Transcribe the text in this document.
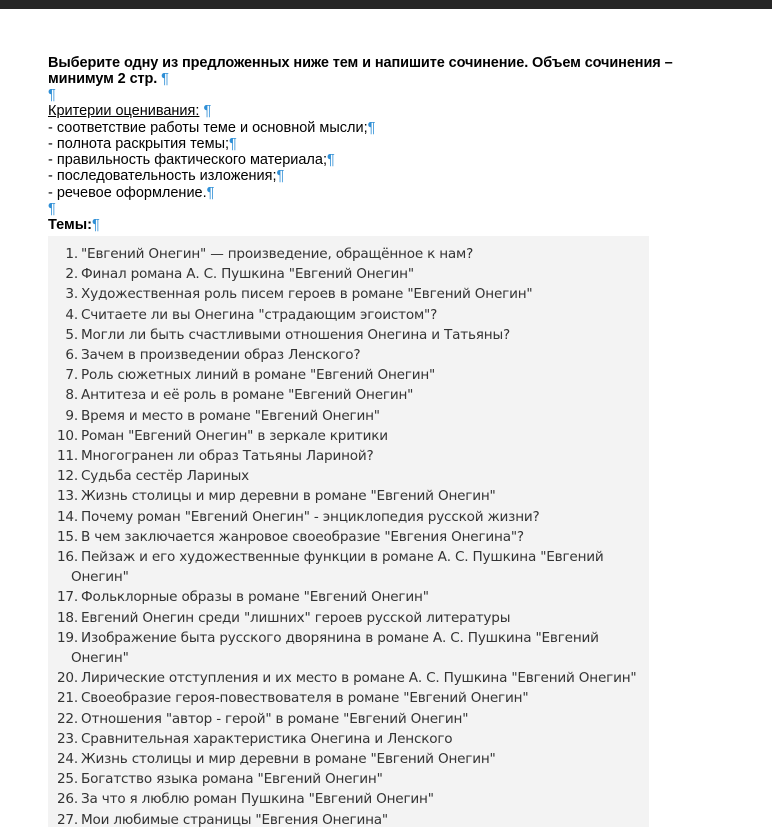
Выберите одну из предложенных ниже тем и напишите сочинение. Объем сочинения –
минимум 2 стр. ¶
¶
Критерии оценивания: ¶
- соответствие работы теме и основной мысли;¶
- полнота раскрытия темы;¶
- правильность фактического материала;¶
- последовательность изложения;¶
- речевое оформление.¶
¶
Темы:¶
1. "Евгений Онегин" — произведение, обращённое к нам?
2. Финал романа А. С. Пушкина "Евгений Онегин"
3. Художественная роль писем героев в романе "Евгений Онегин"
4. Считаете ли вы Онегина "страдающим эгоистом"?
5. Могли ли быть счастливыми отношения Онегина и Татьяны?
6. Зачем в произведении образ Ленского?
7. Роль сюжетных линий в романе "Евгений Онегин"
8. Антитеза и её роль в романе "Евгений Онегин"
9. Время и место в романе "Евгений Онегин"
10. Роман "Евгений Онегин" в зеркале критики
11. Многогранен ли образ Татьяны Лариной?
12. Судьба сестёр Лариных
13. Жизнь столицы и мир деревни в романе "Евгений Онегин"
14. Почему роман "Евгений Онегин" - энциклопедия русской жизни?
15. В чем заключается жанровое своеобразие "Евгения Онегина"?
16. Пейзаж и его художественные функции в романе А. С. Пушкина "Евгений
Онегин"
17. Фольклорные образы в романе "Евгений Онегин"
18. Евгений Онегин среди "лишних" героев русской литературы
19. Изображение быта русского дворянина в романе А. С. Пушкина "Евгений
Онегин"
20. Лирические отступления и их место в романе А. С. Пушкина "Евгений Онегин"
21. Своеобразие героя-повествователя в романе "Евгений Онегин"
22. Отношения "автор - герой" в романе "Евгений Онегин"
23. Сравнительная характеристика Онегина и Ленского
24. Жизнь столицы и мир деревни в романе "Евгений Онегин"
25. Богатство языка романа "Евгений Онегин"
26. За что я люблю роман Пушкина "Евгений Онегин"
27. Мои любимые страницы "Евгения Онегина"
